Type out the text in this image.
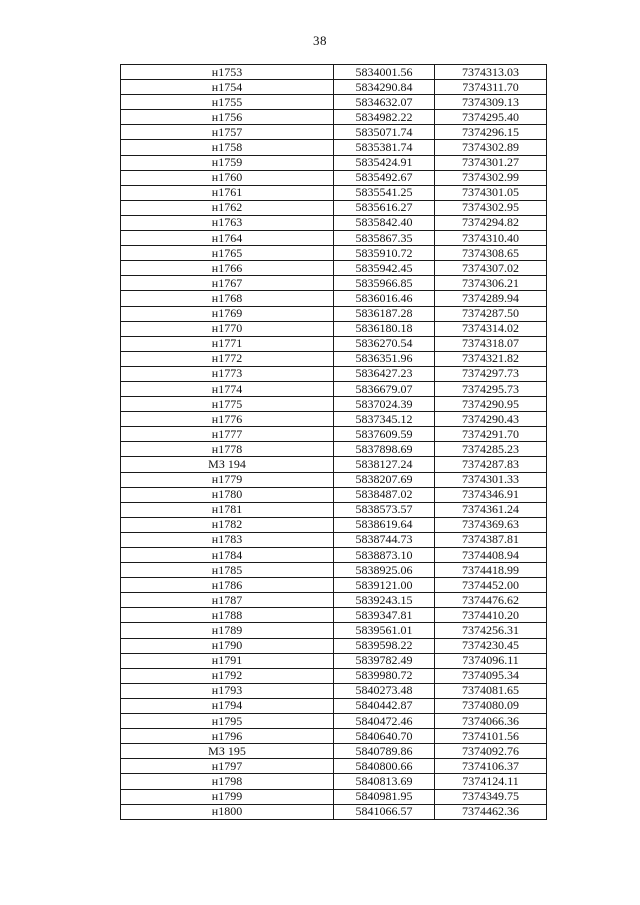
38
н1753	5834001.56	7374313.03
н1754	5834290.84	7374311.70
н1755	5834632.07	7374309.13
н1756	5834982.22	7374295.40
н1757	5835071.74	7374296.15
н1758	5835381.74	7374302.89
н1759	5835424.91	7374301.27
н1760	5835492.67	7374302.99
н1761	5835541.25	7374301.05
н1762	5835616.27	7374302.95
н1763	5835842.40	7374294.82
н1764	5835867.35	7374310.40
н1765	5835910.72	7374308.65
н1766	5835942.45	7374307.02
н1767	5835966.85	7374306.21
н1768	5836016.46	7374289.94
н1769	5836187.28	7374287.50
н1770	5836180.18	7374314.02
н1771	5836270.54	7374318.07
н1772	5836351.96	7374321.82
н1773	5836427.23	7374297.73
н1774	5836679.07	7374295.73
н1775	5837024.39	7374290.95
н1776	5837345.12	7374290.43
н1777	5837609.59	7374291.70
н1778	5837898.69	7374285.23
МЗ 194	5838127.24	7374287.83
н1779	5838207.69	7374301.33
н1780	5838487.02	7374346.91
н1781	5838573.57	7374361.24
н1782	5838619.64	7374369.63
н1783	5838744.73	7374387.81
н1784	5838873.10	7374408.94
н1785	5838925.06	7374418.99
н1786	5839121.00	7374452.00
н1787	5839243.15	7374476.62
н1788	5839347.81	7374410.20
н1789	5839561.01	7374256.31
н1790	5839598.22	7374230.45
н1791	5839782.49	7374096.11
н1792	5839980.72	7374095.34
н1793	5840273.48	7374081.65
н1794	5840442.87	7374080.09
н1795	5840472.46	7374066.36
н1796	5840640.70	7374101.56
МЗ 195	5840789.86	7374092.76
н1797	5840800.66	7374106.37
н1798	5840813.69	7374124.11
н1799	5840981.95	7374349.75
н1800	5841066.57	7374462.36
